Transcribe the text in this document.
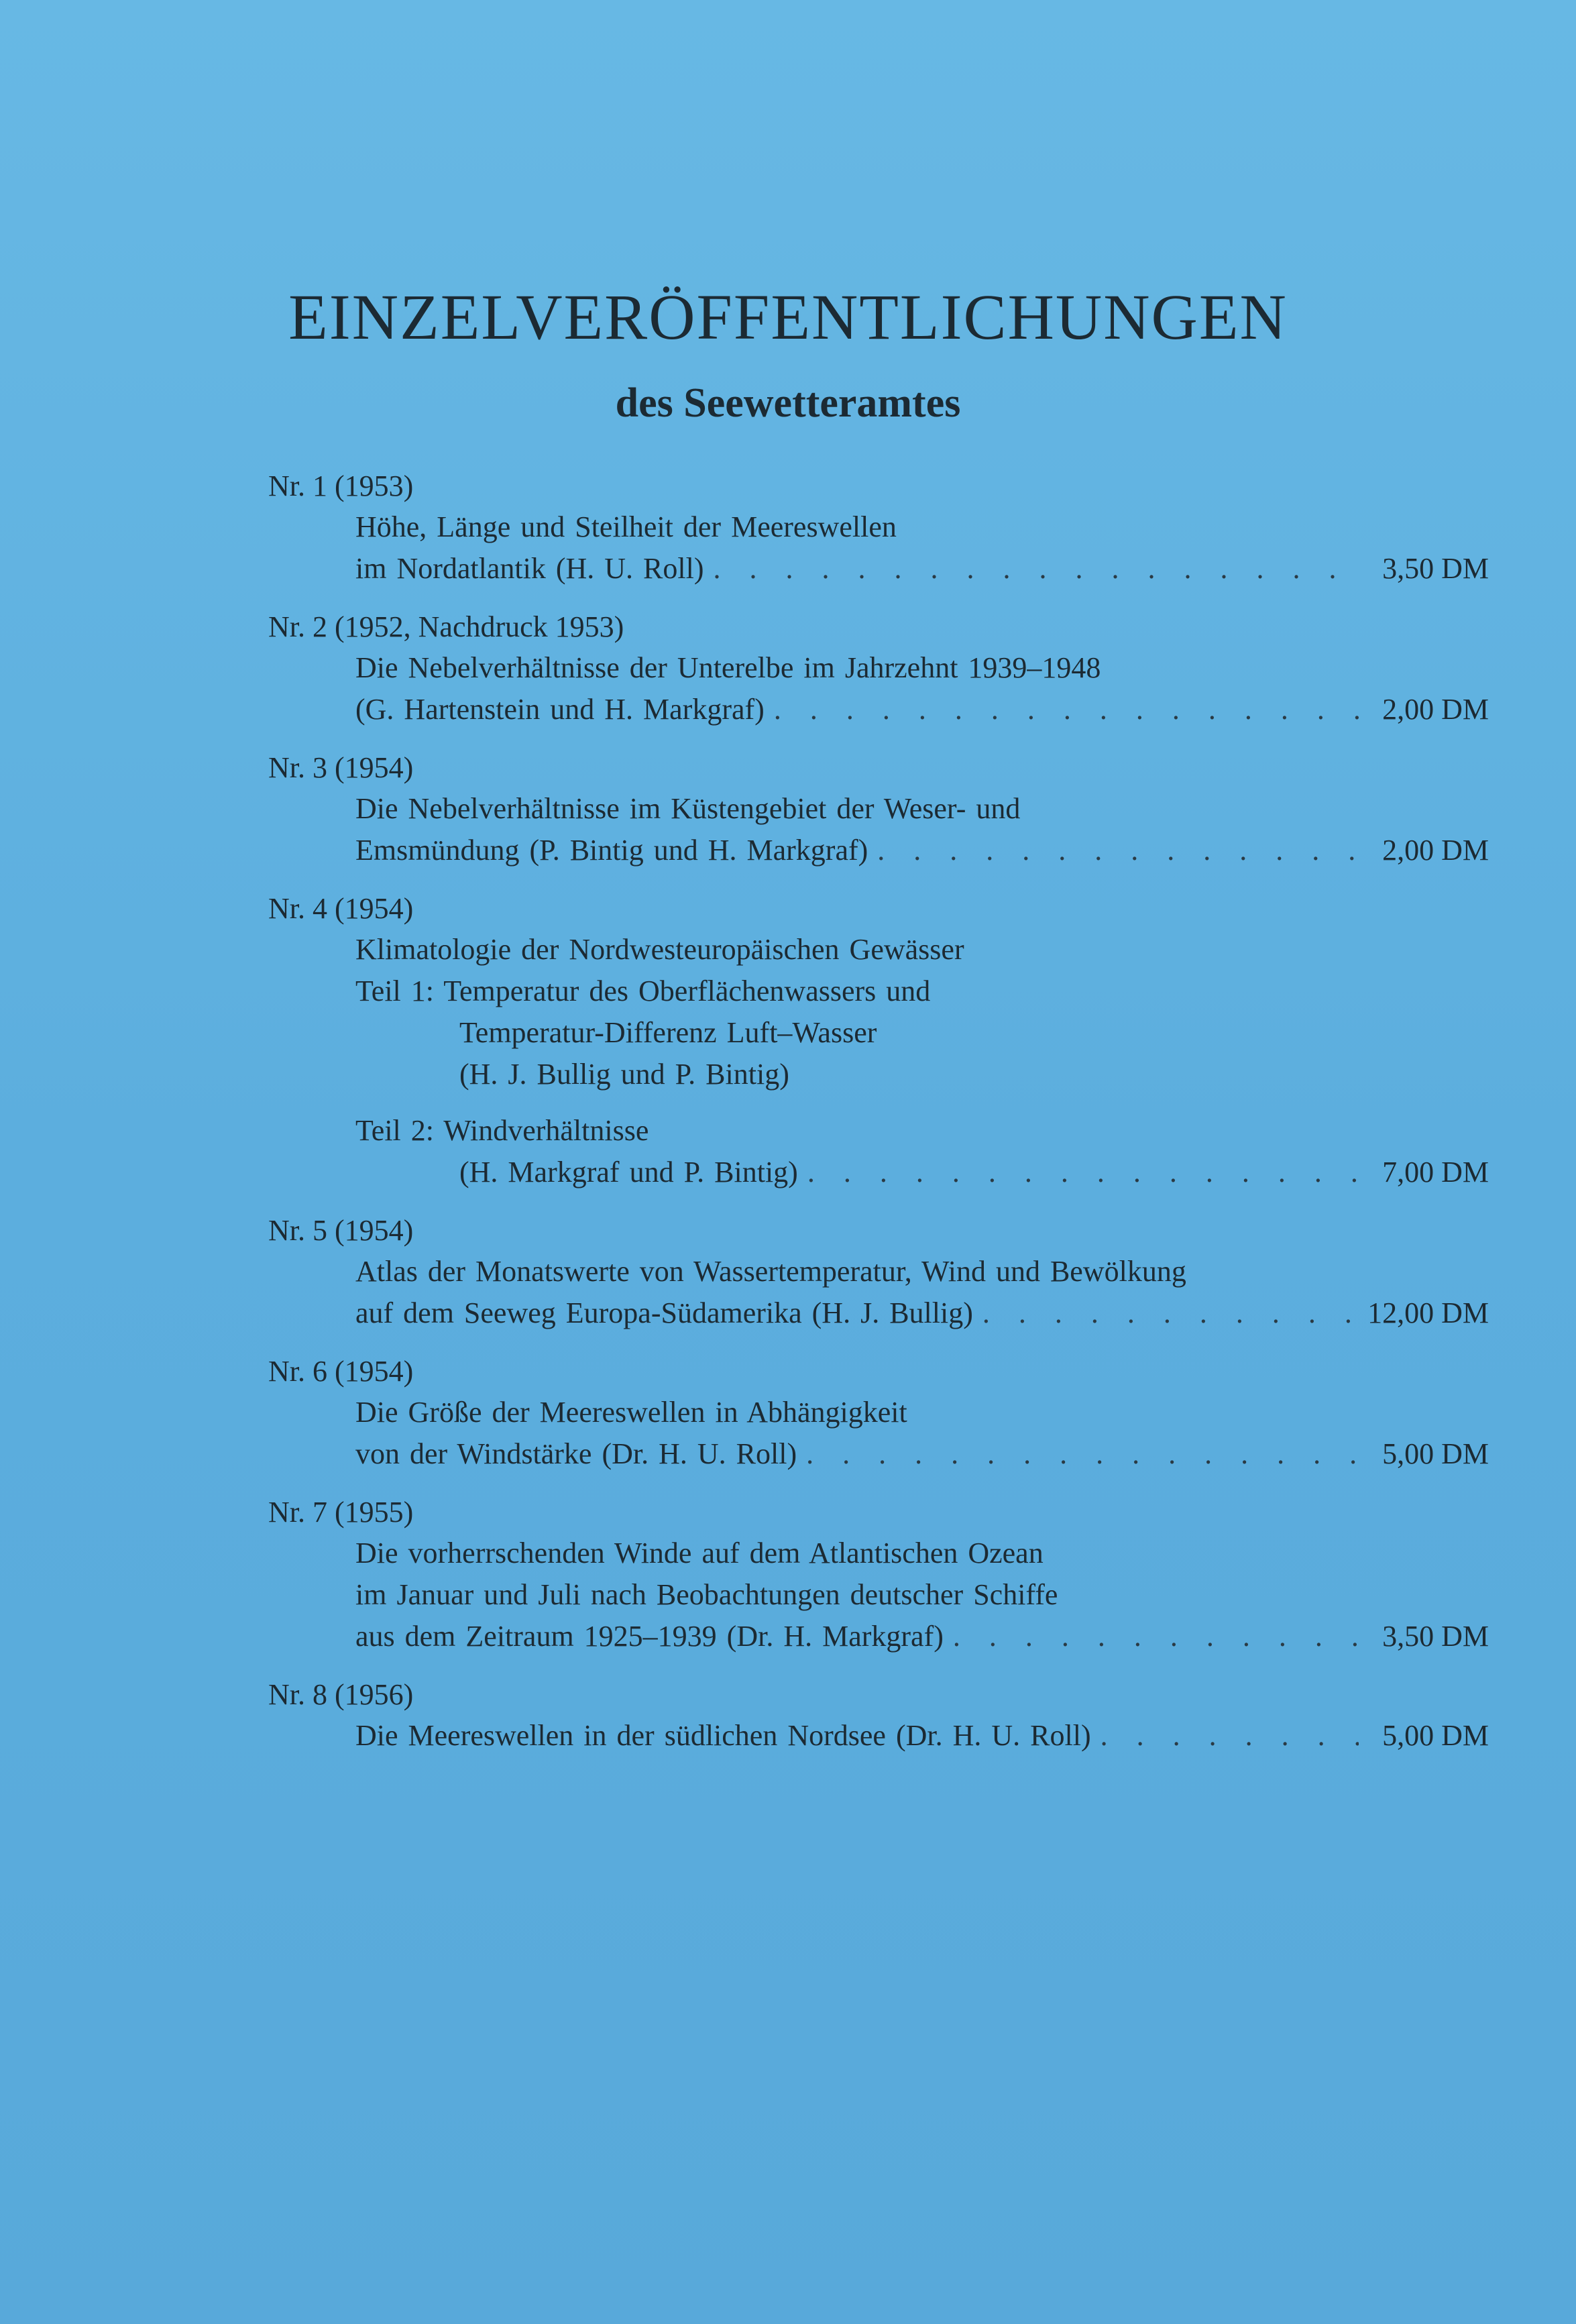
EINZELVERÖFFENTLICHUNGEN
des Seewetteramtes
Nr. 1 (1953)
Höhe, Länge und Steilheit der Meereswellen
im Nordatlantik (H. U. Roll) . . .	3,50 DM
Nr. 2 (1952, Nachdruck 1953)
Die Nebelverhältnisse der Unterelbe im Jahrzehnt 1939–1948
(G. Hartenstein und H. Markgraf) . . .	2,00 DM
Nr. 3 (1954)
Die Nebelverhältnisse im Küstengebiet der Weser- und
Emsmündung (P. Bintig und H. Markgraf) . . .	2,00 DM
Nr. 4 (1954)
Klimatologie der Nordwesteuropäischen Gewässer
Teil 1: Temperatur des Oberflächenwassers und
Temperatur-Differenz Luft–Wasser
(H. J. Bullig und P. Bintig)
Teil 2: Windverhältnisse
(H. Markgraf und P. Bintig) . . .	7,00 DM
Nr. 5 (1954)
Atlas der Monatswerte von Wassertemperatur, Wind und Bewölkung
auf dem Seeweg Europa-Südamerika (H. J. Bullig) . . .	12,00 DM
Nr. 6 (1954)
Die Größe der Meereswellen in Abhängigkeit
von der Windstärke (Dr. H. U. Roll) . . .	5,00 DM
Nr. 7 (1955)
Die vorherrschenden Winde auf dem Atlantischen Ozean
im Januar und Juli nach Beobachtungen deutscher Schiffe
aus dem Zeitraum 1925–1939 (Dr. H. Markgraf) . . .	3,50 DM
Nr. 8 (1956)
Die Meereswellen in der südlichen Nordsee (Dr. H. U. Roll) . . .	5,00 DM
